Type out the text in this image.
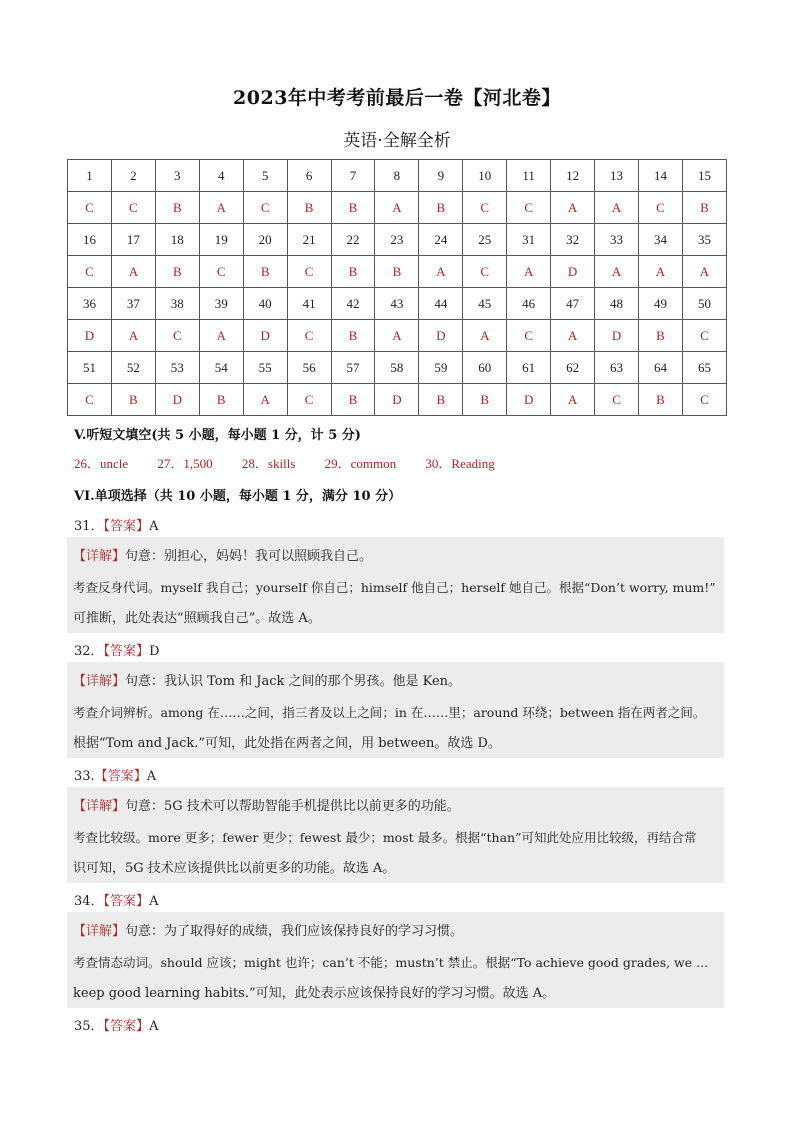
2023年中考考前最后一卷【河北卷】
英语·全解全析
1	2	3	4	5	6	7	8	9	10	11	12	13	14	15
C	C	B	A	C	B	B	A	B	C	C	A	A	C	B
16	17	18	19	20	21	22	23	24	25	31	32	33	34	35
C	A	B	C	B	C	B	B	A	C	A	D	A	A	A
36	37	38	39	40	41	42	43	44	45	46	47	48	49	50
D	A	C	A	D	C	B	A	D	A	C	A	D	B	C
51	52	53	54	55	56	57	58	59	60	61	62	63	64	65
C	B	D	B	A	C	B	D	B	B	D	A	C	B	C
V.听短文填空(共 5 小题，每小题 1 分，计 5 分)
26．uncle 27．1,500 28．skills 29．common 30．Reading
VI.单项选择（共 10 小题，每小题 1 分，满分 10 分）
31．【答案】A

【详解】句意：别担心，妈妈！我可以照顾我自己。

考查反身代词。myself 我自己；yourself 你自己；himself 他自己；herself 她自己。根据“Don’t worry, mum!”

可推断，此处表达“照顾我自己”。故选 A。

32．【答案】D

【详解】句意：我认识 Tom 和 Jack 之间的那个男孩。他是 Ken。

考查介词辨析。among 在……之间，指三者及以上之间；in 在……里；around 环绕；between 指在两者之间。

根据“Tom and Jack.”可知，此处指在两者之间，用 between。故选 D。

33.【答案】A

【详解】句意：5G 技术可以帮助智能手机提供比以前更多的功能。

考查比较级。more 更多；fewer 更少；fewest 最少；most 最多。根据“than”可知此处应用比较级，再结合常

识可知，5G 技术应该提供比以前更多的功能。故选 A。

34．【答案】A

【详解】句意：为了取得好的成绩，我们应该保持良好的学习习惯。

考查情态动词。should 应该；might 也许；can’t 不能；mustn’t 禁止。根据“To achieve good grades, we ...

keep good learning habits.”可知，此处表示应该保持良好的学习习惯。故选 A。

35．【答案】A
